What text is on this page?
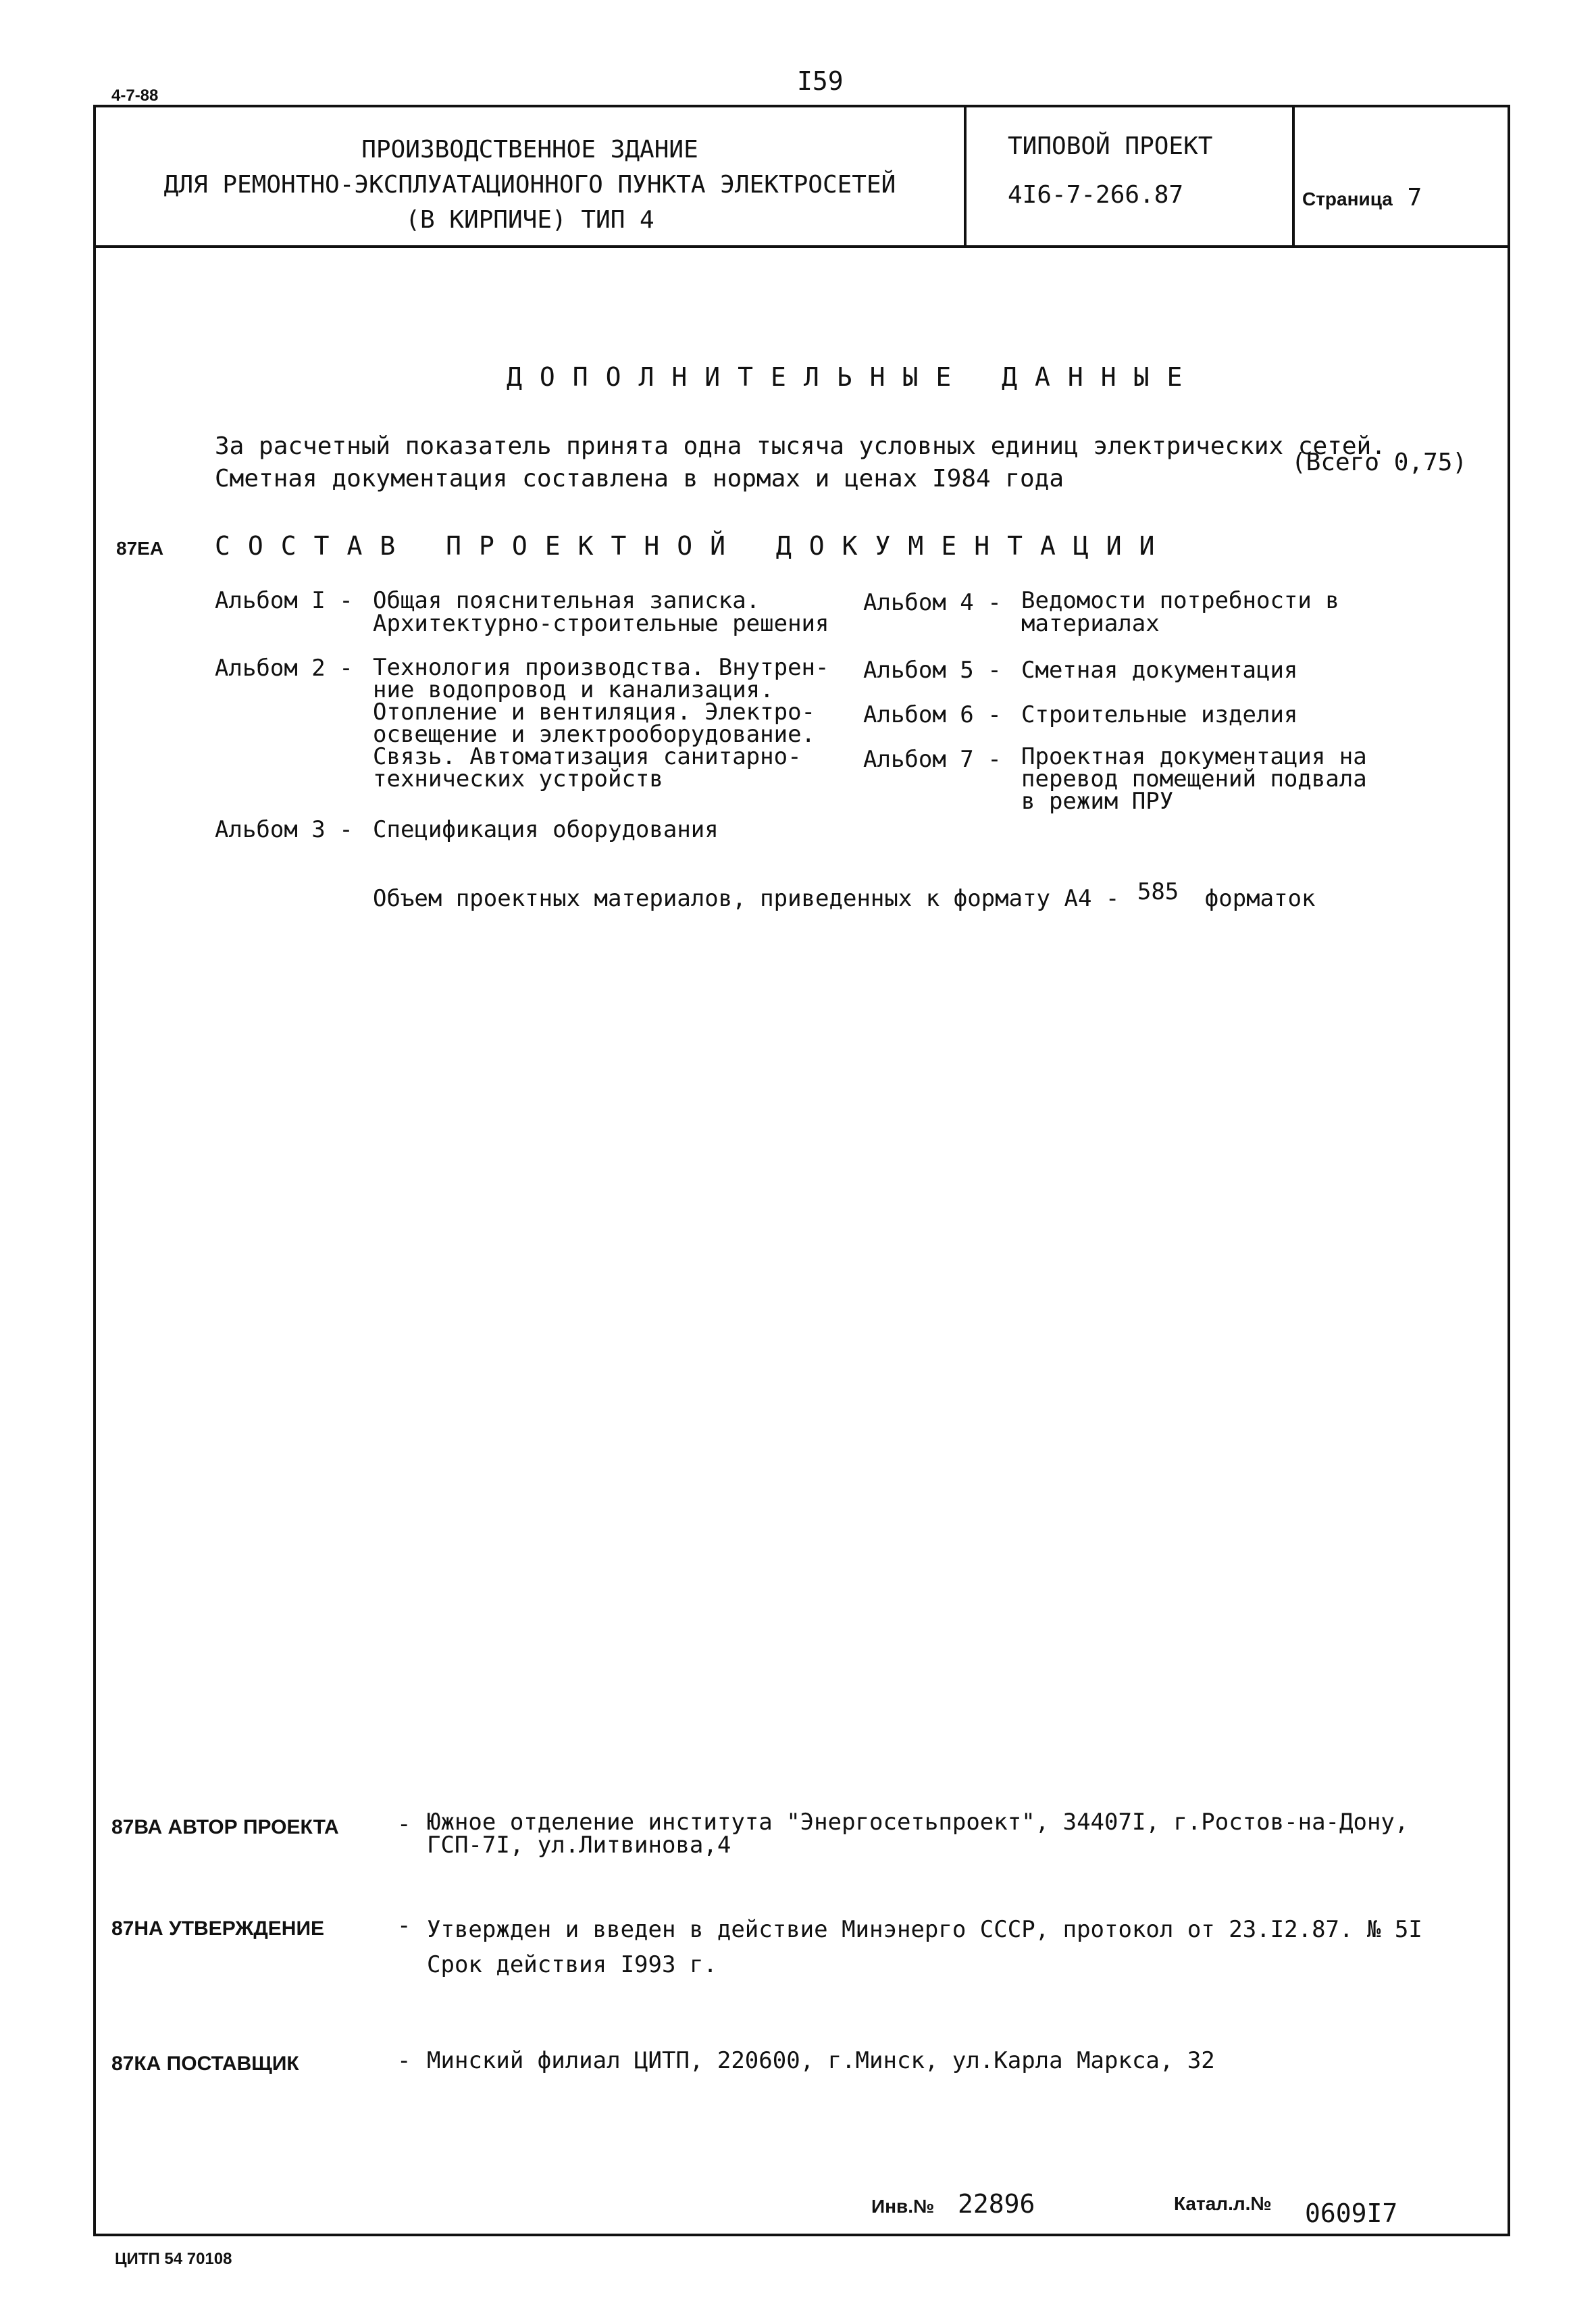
4-7-88	I59
ПРОИЗВОДСТВЕННОЕ ЗДАНИЕ
ДЛЯ РЕМОНТНО-ЭКСПЛУАТАЦИОННОГО ПУНКТА ЭЛЕКТРОСЕТЕЙ
(В КИРПИЧЕ) ТИП 4
ТИПОВОЙ ПРОЕКТ
4I6-7-266.87	Страница 7
ДОПОЛНИТЕЛЬНЫЕ ДАННЫЕ
За расчетный показатель принята одна тысяча условных единиц электрических сетей.
(Всего 0,75)
Сметная документация составлена в нормах и ценах I984 года
87ЕА СОСТАВ ПРОЕКТНОЙ ДОКУМЕНТАЦИИ
Альбом I - Общая пояснительная записка.
Архитектурно-строительные решения
Альбом 2 - Технология производства. Внутрен-
ние водопровод и канализация.
Отопление и вентиляция. Электро-
освещение и электрооборудование.
Связь. Автоматизация санитарно-
технических устройств
Альбом 3 - Спецификация оборудования
Альбом 4 - Ведомости потребности в
материалах
Альбом 5 - Сметная документация
Альбом 6 - Строительные изделия
Альбом 7 - Проектная документация на
перевод помещений подвала
в режим ПРУ
Объем проектных материалов, приведенных к формату А4 - 585 форматок
87ВА АВТОР ПРОЕКТА	- Южное отделение института "Энергосетьпроект", 34407I, г.Ростов-на-Дону,
ГСП-7I, ул.Литвинова,4
87НА УТВЕРЖДЕНИЕ	- Утвержден и введен в действие Минэнерго СССР, протокол от 23.I2.87. № 5I
Срок действия I993 г.
87КА ПОСТАВЩИК	- Минский филиал ЦИТП, 220600, г.Минск, ул.Карла Маркса, 32
Инв.№ 22896	Катал.л.№ 0609I7
ЦИТП 54 70108
